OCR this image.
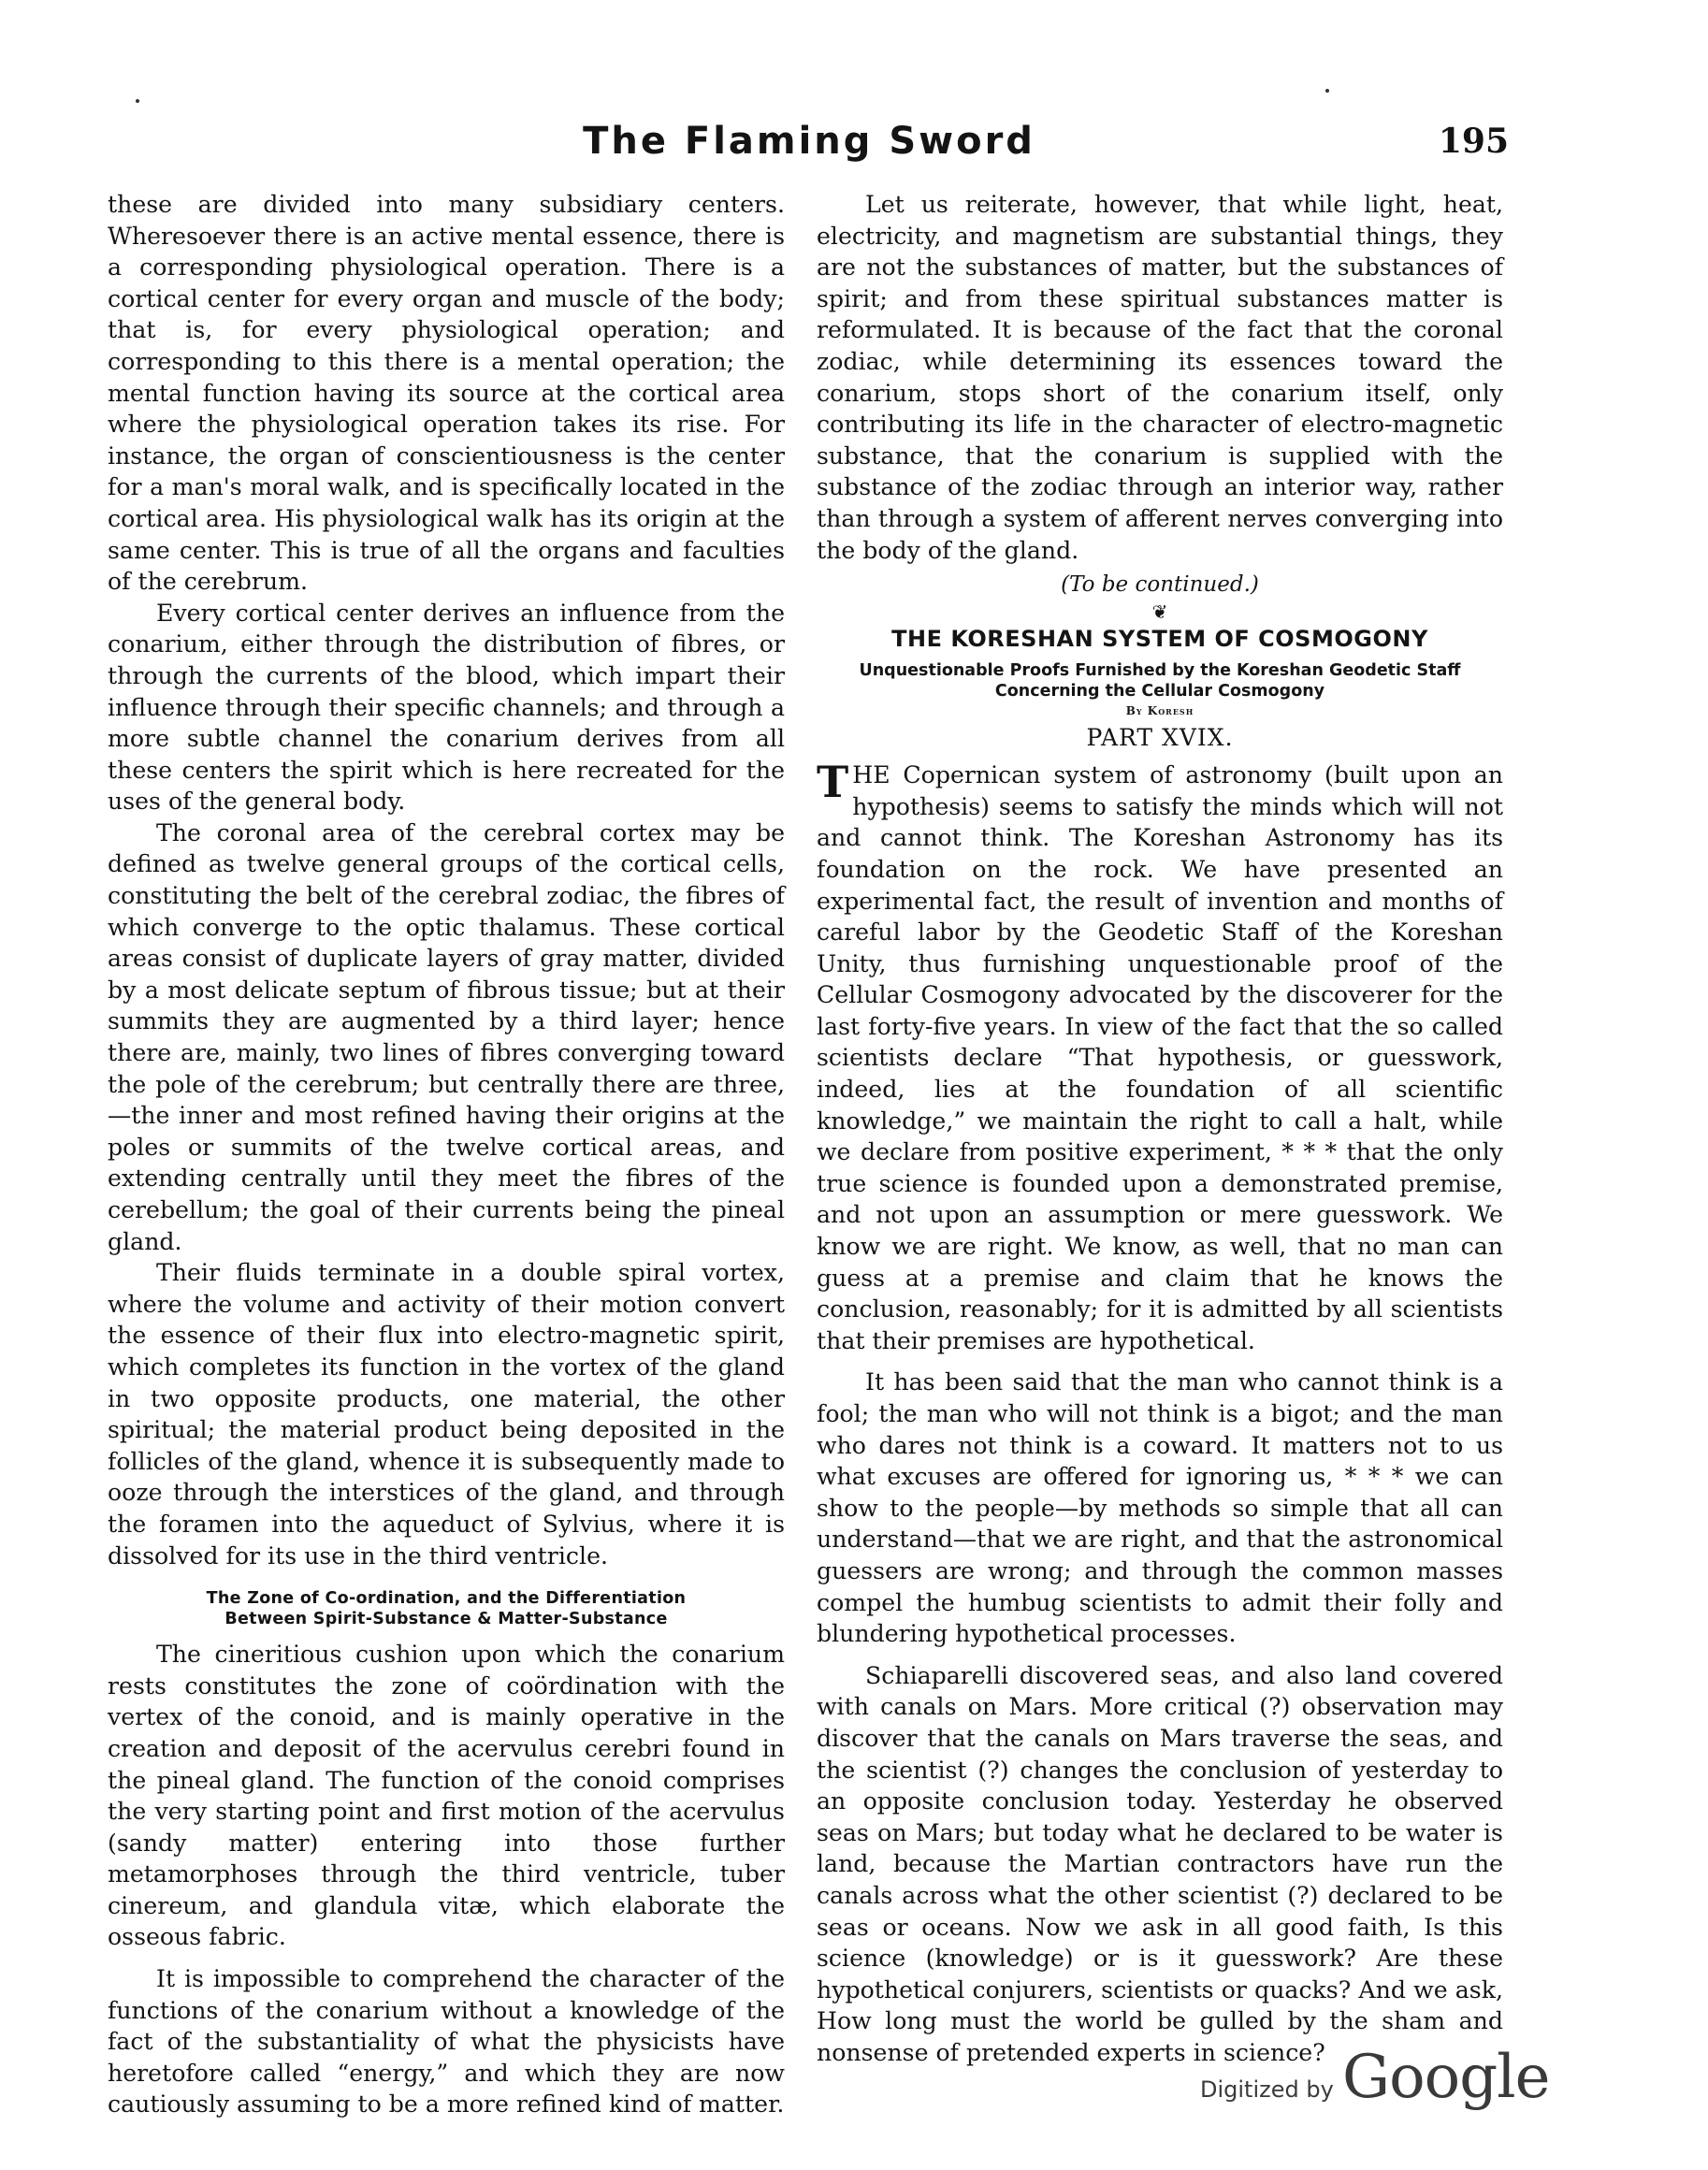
The Flaming Sword	195

these are divided into many subsidiary centers. Wheresoever there is an active mental essence, there is a corresponding physiological operation. There is a cortical center for every organ and muscle of the body; that is, for every physiological operation; and corresponding to this there is a mental operation; the mental function having its source at the cortical area where the physiological operation takes its rise. For instance, the organ of conscientiousness is the center for a man's moral walk, and is specifically located in the cortical area. His physiological walk has its origin at the same center. This is true of all the organs and faculties of the cerebrum.

Every cortical center derives an influence from the conarium, either through the distribution of fibres, or through the currents of the blood, which impart their influence through their specific channels; and through a more subtle channel the conarium derives from all these centers the spirit which is here recreated for the uses of the general body.

The coronal area of the cerebral cortex may be defined as twelve general groups of the cortical cells, constituting the belt of the cerebral zodiac, the fibres of which converge to the optic thalamus. These cortical areas consist of duplicate layers of gray matter, divided by a most delicate septum of fibrous tissue; but at their summits they are augmented by a third layer; hence there are, mainly, two lines of fibres converging toward the pole of the cerebrum; but centrally there are three,—the inner and most refined having their origins at the poles or summits of the twelve cortical areas, and extending centrally until they meet the fibres of the cerebellum; the goal of their currents being the pineal gland.

Their fluids terminate in a double spiral vortex, where the volume and activity of their motion convert the essence of their flux into electro-magnetic spirit, which completes its function in the vortex of the gland in two opposite products, one material, the other spiritual; the material product being deposited in the follicles of the gland, whence it is subsequently made to ooze through the interstices of the gland, and through the foramen into the aqueduct of Sylvius, where it is dissolved for its use in the third ventricle.

The Zone of Co-ordination, and the Differentiation
Between Spirit-Substance & Matter-Substance

The cineritious cushion upon which the conarium rests constitutes the zone of coördination with the vertex of the conoid, and is mainly operative in the creation and deposit of the acervulus cerebri found in the pineal gland. The function of the conoid comprises the very starting point and first motion of the acervulus (sandy matter) entering into those further metamorphoses through the third ventricle, tuber cinereum, and glandula vitæ, which elaborate the osseous fabric.

It is impossible to comprehend the character of the functions of the conarium without a knowledge of the fact of the substantiality of what the physicists have heretofore called “energy,” and which they are now cautiously assuming to be a more refined kind of matter.

Let us reiterate, however, that while light, heat, electricity, and magnetism are substantial things, they are not the substances of matter, but the substances of spirit; and from these spiritual substances matter is reformulated. It is because of the fact that the coronal zodiac, while determining its essences toward the conarium, stops short of the conarium itself, only contributing its life in the character of electro-magnetic substance, that the conarium is supplied with the substance of the zodiac through an interior way, rather than through a system of afferent nerves converging into the body of the gland.

(To be continued.)
❦
THE KORESHAN SYSTEM OF COSMOGONY
Unquestionable Proofs Furnished by the Koreshan Geodetic Staff Concerning the Cellular Cosmogony
By Koresh
PART XVIX.

THE Copernican system of astronomy (built upon an hypothesis) seems to satisfy the minds which will not and cannot think. The Koreshan Astronomy has its foundation on the rock. We have presented an experimental fact, the result of invention and months of careful labor by the Geodetic Staff of the Koreshan Unity, thus furnishing unquestionable proof of the Cellular Cosmogony advocated by the discoverer for the last forty-five years. In view of the fact that the so called scientists declare “That hypothesis, or guesswork, indeed, lies at the foundation of all scientific knowledge,” we maintain the right to call a halt, while we declare from positive experiment, * * * that the only true science is founded upon a demonstrated premise, and not upon an assumption or mere guesswork. We know we are right. We know, as well, that no man can guess at a premise and claim that he knows the conclusion, reasonably; for it is admitted by all scientists that their premises are hypothetical.

It has been said that the man who cannot think is a fool; the man who will not think is a bigot; and the man who dares not think is a coward. It matters not to us what excuses are offered for ignoring us, * * * we can show to the people—by methods so simple that all can understand—that we are right, and that the astronomical guessers are wrong; and through the common masses compel the humbug scientists to admit their folly and blundering hypothetical processes.

Schiaparelli discovered seas, and also land covered with canals on Mars. More critical (?) observation may discover that the canals on Mars traverse the seas, and the scientist (?) changes the conclusion of yesterday to an opposite conclusion today. Yesterday he observed seas on Mars; but today what he declared to be water is land, because the Martian contractors have run the canals across what the other scientist (?) declared to be seas or oceans. Now we ask in all good faith, Is this science (knowledge) or is it guesswork? Are these hypothetical conjurers, scientists or quacks? And we ask, How long must the world be gulled by the sham and nonsense of pretended experts in science?

Digitized by Google
